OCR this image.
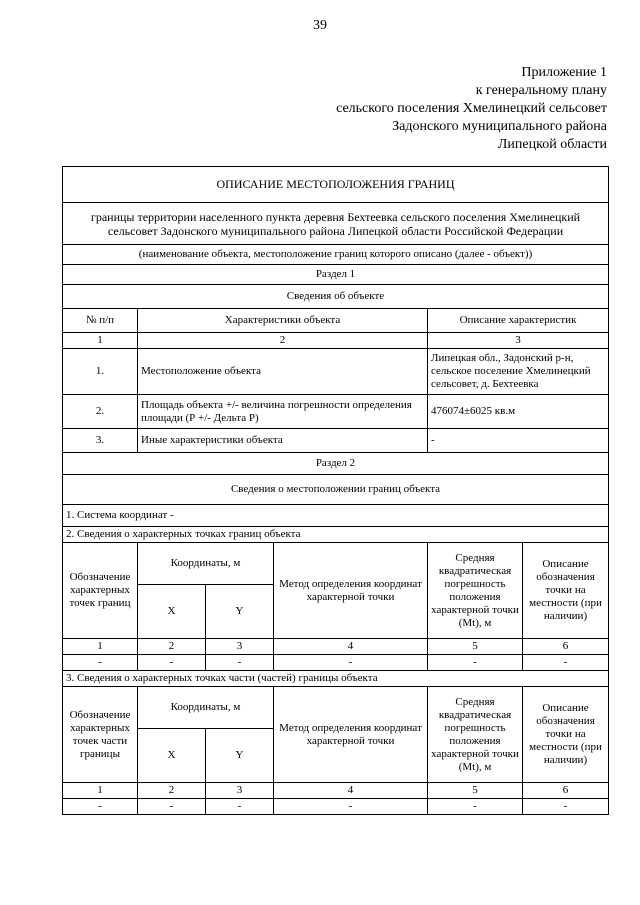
39
Приложение 1
к генеральному плану
сельского поселения Хмелинецкий сельсовет
Задонского муниципального района
Липецкой области
ОПИСАНИЕ МЕСТОПОЛОЖЕНИЯ ГРАНИЦ					
границы территории населенного пункта деревня Бехтеевка сельского поселения Хмелинецкий сельсовет Задонского муниципального района Липецкой области Российской Федерации					
(наименование объекта, местоположение границ которого описано (далее - объект))					
Раздел 1					
Сведения об объекте					
№ п/п	Характеристики объекта			Описание характеристик	
1	2			3	
1.	Местоположение объекта			Липецкая обл., Задонский р-н, сельское поселение Хмелинецкий сельсовет, д. Бехтеевка	
2.	Площадь объекта +/- величина погрешности определения площади (Р +/- Дельта Р)			476074±6025 кв.м	
3.	Иные характеристики объекта			-	
Раздел 2					
Сведения о местоположении границ объекта					
1. Система координат -					
2. Сведения о характерных точках границ объекта					
Обозначение характерных точек границ	Координаты, м		Метод определения координат характерной точки	Средняя квадратическая погрешность положения характерной точки (Mt), м	Описание обозначения точки на местности (при наличии)
	X	Y			
1	2	3	4	5	6
-	-	-	-	-	-
3. Сведения о характерных точках части (частей) границы объекта					
Обозначение характерных точек части границы	Координаты, м		Метод определения координат характерной точки	Средняя квадратическая погрешность положения характерной точки (Mt), м	Описание обозначения точки на местности (при наличии)
	X	Y			
1	2	3	4	5	6
-	-	-	-	-	-
